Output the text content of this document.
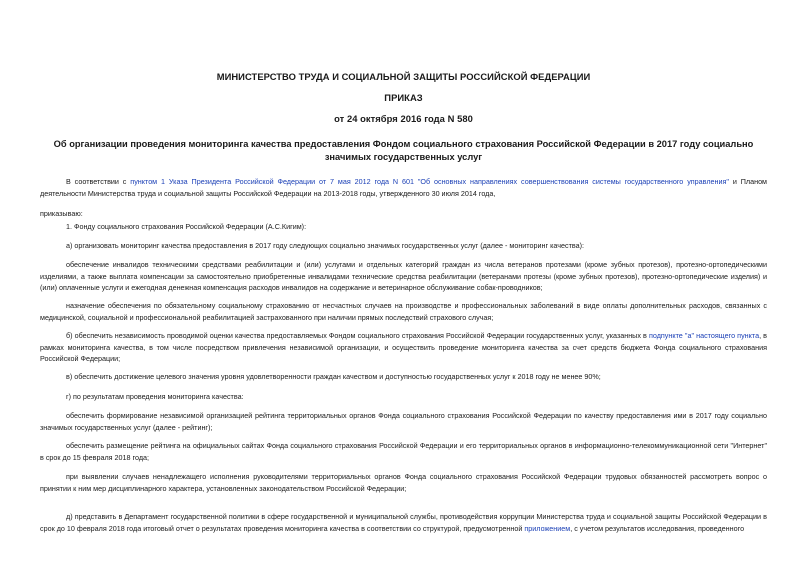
МИНИСТЕРСТВО ТРУДА И СОЦИАЛЬНОЙ ЗАЩИТЫ РОССИЙСКОЙ ФЕДЕРАЦИИ
ПРИКАЗ
от 24 октября 2016 года N 580
Об организации проведения мониторинга качества предоставления Фондом социального страхования Российской Федерации в 2017 году социально значимых государственных услуг
В соответствии с пунктом 1 Указа Президента Российской Федерации от 7 мая 2012 года N 601 "Об основных направлениях совершенствования системы государственного управления" и Планом деятельности Министерства труда и социальной защиты Российской Федерации на 2013-2018 годы, утвержденного 30 июля 2014 года,
приказываю:
1. Фонду социального страхования Российской Федерации (А.С.Кигим):
а) организовать мониторинг качества предоставления в 2017 году следующих социально значимых государственных услуг (далее - мониторинг качества):
обеспечение инвалидов техническими средствами реабилитации и (или) услугами и отдельных категорий граждан из числа ветеранов протезами (кроме зубных протезов), протезно-ортопедическими изделиями, а также выплата компенсации за самостоятельно приобретенные инвалидами технические средства реабилитации (ветеранами протезы (кроме зубных протезов), протезно-ортопедические изделия) и (или) оплаченные услуги и ежегодная денежная компенсация расходов инвалидов на содержание и ветеринарное обслуживание собак-проводников;
назначение обеспечения по обязательному социальному страхованию от несчастных случаев на производстве и профессиональных заболеваний в виде оплаты дополнительных расходов, связанных с медицинской, социальной и профессиональной реабилитацией застрахованного при наличии прямых последствий страхового случая;
б) обеспечить независимость проводимой оценки качества предоставляемых Фондом социального страхования Российской Федерации государственных услуг, указанных в подпункте "а" настоящего пункта, в рамках мониторинга качества, в том числе посредством привлечения независимой организации, и осуществить проведение мониторинга качества за счет средств бюджета Фонда социального страхования Российской Федерации;
в) обеспечить достижение целевого значения уровня удовлетворенности граждан качеством и доступностью государственных услуг к 2018 году не менее 90%;
г) по результатам проведения мониторинга качества:
обеспечить формирование независимой организацией рейтинга территориальных органов Фонда социального страхования Российской Федерации по качеству предоставления ими в 2017 году социально значимых государственных услуг (далее - рейтинг);
обеспечить размещение рейтинга на официальных сайтах Фонда социального страхования Российской Федерации и его территориальных органов в информационно-телекоммуникационной сети "Интернет" в срок до 15 февраля 2018 года;
при выявлении случаев ненадлежащего исполнения руководителями территориальных органов Фонда социального страхования Российской Федерации трудовых обязанностей рассмотреть вопрос о принятии к ним мер дисциплинарного характера, установленных законодательством Российской Федерации;
д) представить в Департамент государственной политики в сфере государственной и муниципальной службы, противодействия коррупции Министерства труда и социальной защиты Российской Федерации в срок до 10 февраля 2018 года итоговый отчет о результатах проведения мониторинга качества в соответствии со структурой, предусмотренной приложением, с учетом результатов исследования, проведенного
